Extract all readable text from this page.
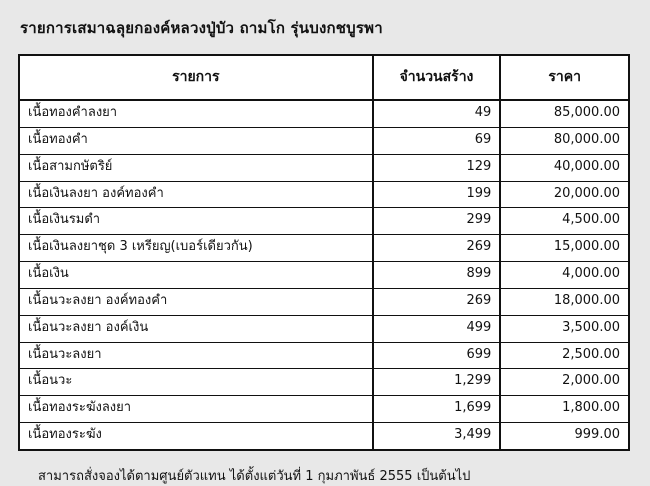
รายการเสมาฉลุยกองค์หลวงปู่บัว ถามโก รุ่นบงกชบูรพา
รายการ	จำนวนสร้าง	ราคา
เนื้อทองคำลงยา	49	85,000.00
เนื้อทองคำ	69	80,000.00
เนื้อสามกษัตริย์	129	40,000.00
เนื้อเงินลงยา องค์ทองคำ	199	20,000.00
เนื้อเงินรมดำ	299	4,500.00
เนื้อเงินลงยาชุด 3 เหรียญ(เบอร์เดียวกัน)	269	15,000.00
เนื้อเงิน	899	4,000.00
เนื้อนวะลงยา องค์ทองคำ	269	18,000.00
เนื้อนวะลงยา องค์เงิน	499	3,500.00
เนื้อนวะลงยา	699	2,500.00
เนื้อนวะ	1,299	2,000.00
เนื้อทองระฆังลงยา	1,699	1,800.00
เนื้อทองระฆัง	3,499	999.00
สามารถสั่งจองได้ตามศูนย์ตัวแทน ได้ตั้งแต่วันที่ 1 กุมภาพันธ์ 2555 เป็นต้นไป
